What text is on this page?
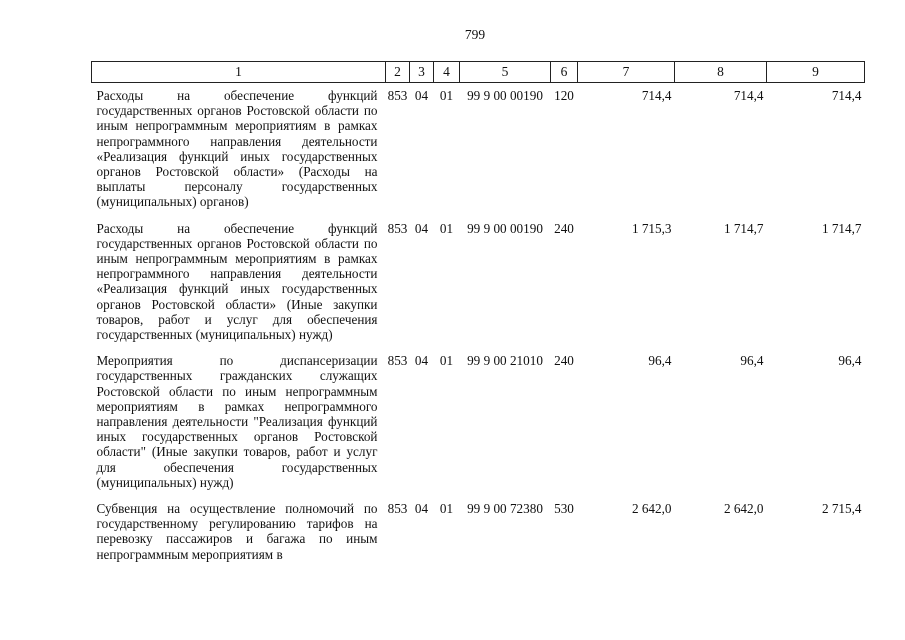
799
1	2	3	4	5	6	7	8	9
Расходы на обеспечение функций государственных органов Ростовской области по иным непрограммным мероприятиям в рамках непрограммного направления деятельности «Реализация функций иных государственных органов Ростовской области» (Расходы на выплаты персоналу государственных (муниципальных) органов)	853	04	01	99 9 00 00190	120	714,4	714,4	714,4
Расходы на обеспечение функций государственных органов Ростовской области по иным непрограммным мероприятиям в рамках непрограммного направления деятельности «Реализация функций иных государственных органов Ростовской области» (Иные закупки товаров, работ и услуг для обеспечения государственных (муниципальных) нужд)	853	04	01	99 9 00 00190	240	1 715,3	1 714,7	1 714,7
Мероприятия по диспансеризации государственных гражданских служащих Ростовской области по иным непрограммным мероприятиям в рамках непрограммного направления деятельности "Реализация функций иных государственных органов Ростовской области" (Иные закупки товаров, работ и услуг для обеспечения государственных (муниципальных) нужд)	853	04	01	99 9 00 21010	240	96,4	96,4	96,4
Субвенция на осуществление полномочий по государственному регулированию тарифов на перевозку пассажиров и багажа по иным непрограммным мероприятиям в	853	04	01	99 9 00 72380	530	2 642,0	2 642,0	2 715,4
